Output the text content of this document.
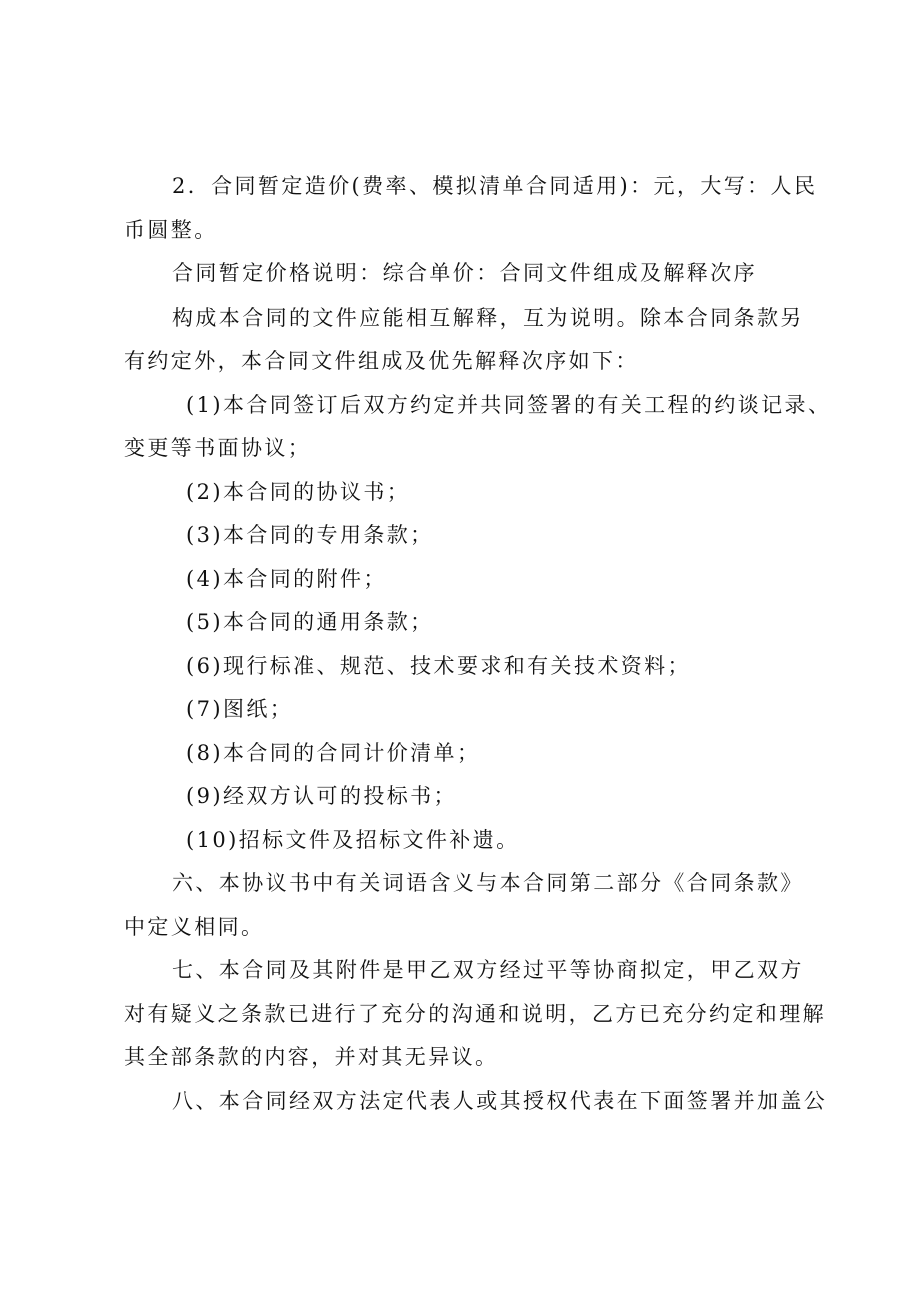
2．合同暂定造价(费率、模拟清单合同适用)：元，大写：人民
币圆整。
合同暂定价格说明：综合单价：合同文件组成及解释次序
构成本合同的文件应能相互解释，互为说明。除本合同条款另
有约定外，本合同文件组成及优先解释次序如下：
(1)本合同签订后双方约定并共同签署的有关工程的约谈记录、
变更等书面协议；
(2)本合同的协议书；
(3)本合同的专用条款；
(4)本合同的附件；
(5)本合同的通用条款；
(6)现行标准、规范、技术要求和有关技术资料；
(7)图纸；
(8)本合同的合同计价清单；
(9)经双方认可的投标书；
(10)招标文件及招标文件补遗。
六、本协议书中有关词语含义与本合同第二部分《合同条款》
中定义相同。
七、本合同及其附件是甲乙双方经过平等协商拟定，甲乙双方
对有疑义之条款已进行了充分的沟通和说明，乙方已充分约定和理解
其全部条款的内容，并对其无异议。
八、本合同经双方法定代表人或其授权代表在下面签署并加盖公
